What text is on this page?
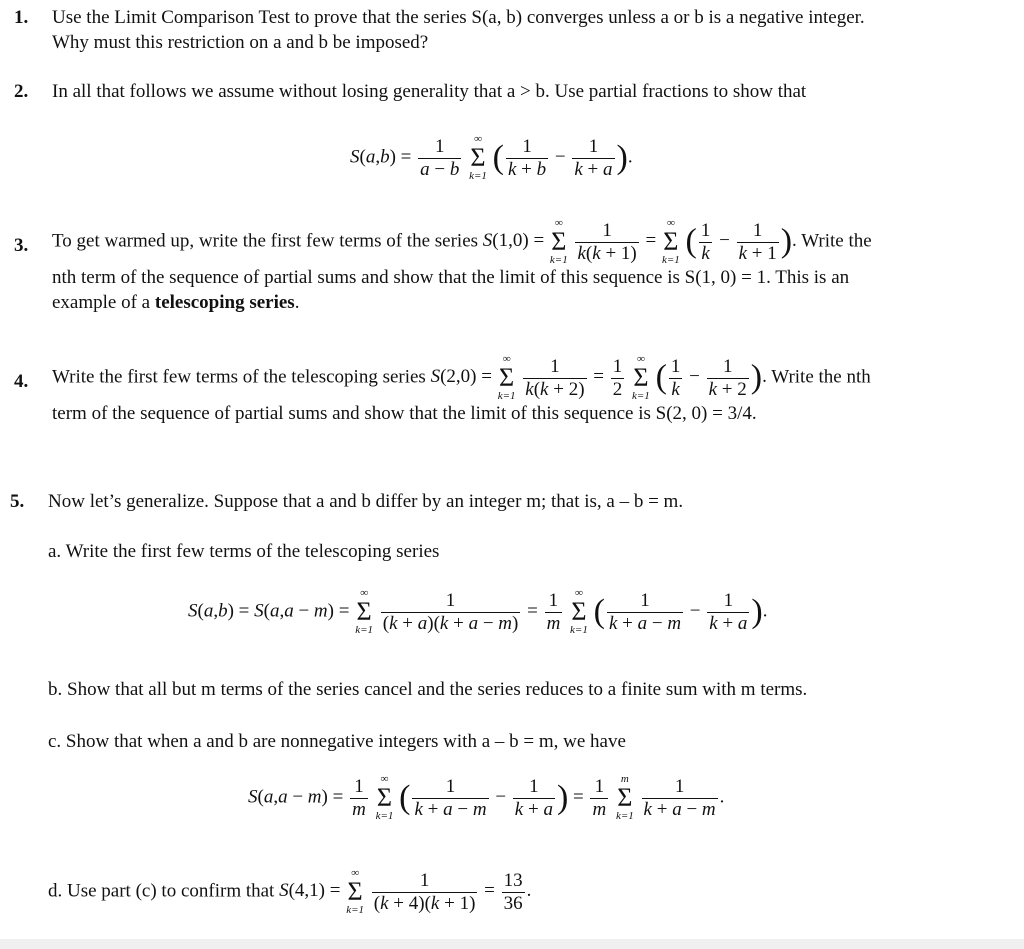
1. Use the Limit Comparison Test to prove that the series S(a, b) converges unless a or b is a negative integer.
Why must this restriction on a and b be imposed?
2. In all that follows we assume without losing generality that a > b. Use partial fractions to show that
$S(a,b) = \frac{1}{a - b}$
	∞
Σ
k=1
( $\frac{1}{k + b} - \frac{1}{k + a}$ ).
3. To get warmed up, write the first few terms of the series S(1,0) =
∞
Σ
k=1
$\frac{1}{k(k + 1)}$ =
∞
Σ
k=1
( $\frac{1}{k} - \frac{1}{k + 1}$ ). Write the
nth term of the sequence of partial sums and show that the limit of this sequence is S(1, 0) = 1. This is an
example of a telescoping series.
4. Write the first few terms of the telescoping series S(2,0) =
∞
Σ
k=1
$\frac{1}{k(k + 2)} = \frac{1}{2}$
	∞
Σ
k=1
( $\frac{1}{k} - \frac{1}{k + 2}$ ). Write the nth
term of the sequence of partial sums and show that the limit of this sequence is S(2, 0) = 3/4.
5. Now let’s generalize. Suppose that a and b differ by an integer m; that is, a – b = m.
a. Write the first few terms of the telescoping series
S(a,b) = S(a,a − m) =
∞
Σ
k=1
$\frac{1}{(k + a)(k + a - m)} = \frac{1}{m}$
	∞
Σ
k=1
( $\frac{1}{k + a - m} - \frac{1}{k + a}$ ).
b. Show that all but m terms of the series cancel and the series reduces to a finite sum with m terms.
c. Show that when a and b are nonnegative integers with a – b = m, we have
$S(a,a - m) = \frac{1}{m}$
	∞
Σ
k=1
( $\frac{1}{k + a - m} - \frac{1}{k + a}$ ) = $\frac{1}{m}$
	m
Σ
k=1
$\frac{1}{k + a - m}$ .
d. Use part (c) to confirm that S(4,1) =
∞
Σ
k=1
$\frac{1}{(k + 4)(k + 1)} = \frac{13}{36}$ .
